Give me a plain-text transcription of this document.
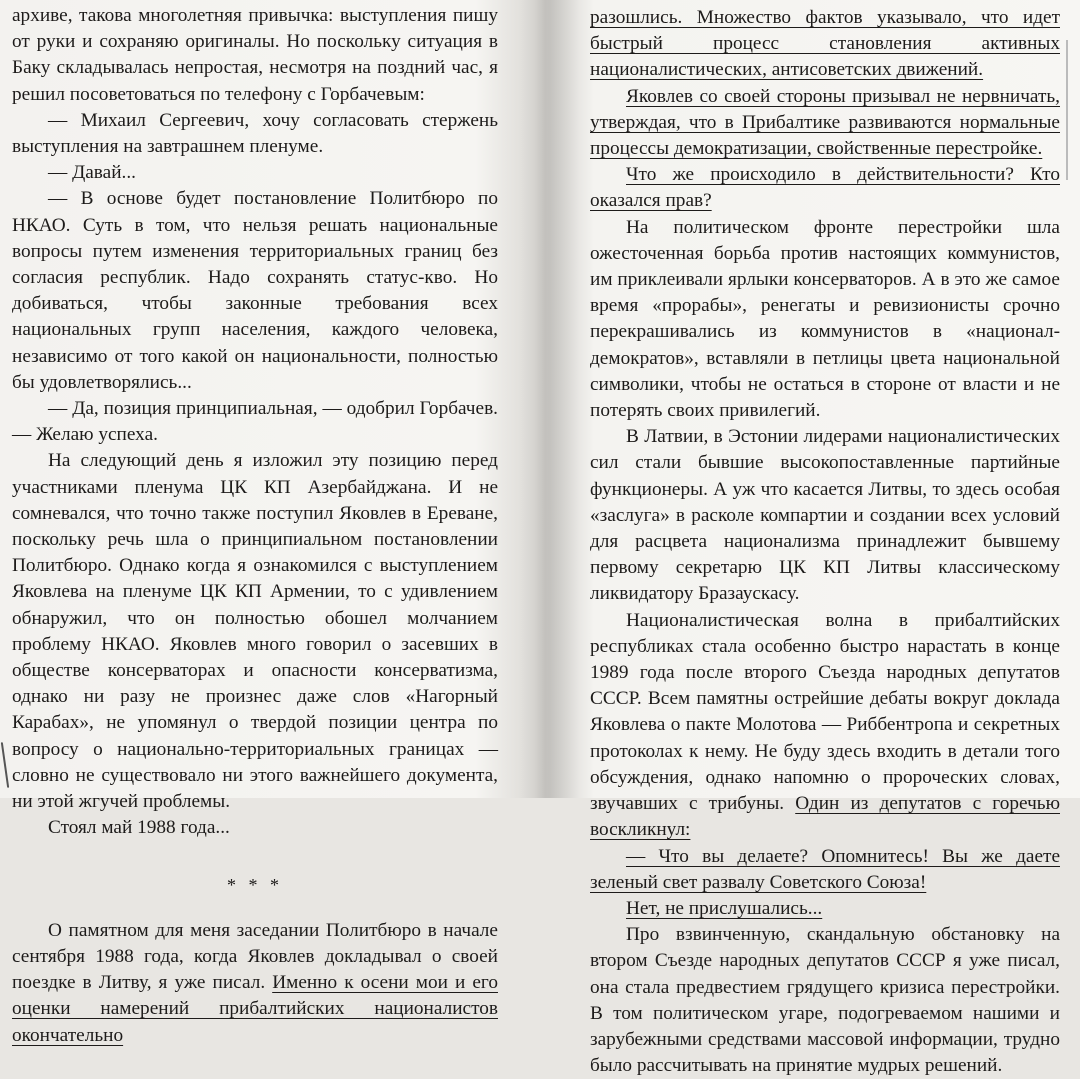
архиве, такова многолетняя привычка: выступления пишу от руки и сохраняю оригиналы. Но поскольку ситуация в Баку складывалась непростая, несмотря на поздний час, я решил посоветоваться по телефону с Горбачевым:

— Михаил Сергеевич, хочу согласовать стержень выступления на завтрашнем пленуме.

— Давай...

— В основе будет постановление Политбюро по НКАО. Суть в том, что нельзя решать национальные вопросы путем изменения территориальных границ без согласия республик. Надо сохранять статус-кво. Но добиваться, чтобы законные требования всех национальных групп населения, каждого человека, независимо от того какой он национальности, полностью бы удовлетворялись...

— Да, позиция принципиальная, — одобрил Горбачев. — Желаю успеха.

На следующий день я изложил эту позицию перед участниками пленума ЦК КП Азербайджана. И не сомневался, что точно также поступил Яковлев в Ереване, поскольку речь шла о принципиальном постановлении Политбюро. Однако когда я ознакомился с выступлением Яковлева на пленуме ЦК КП Армении, то с удивлением обнаружил, что он полностью обошел молчанием проблему НКАО. Яковлев много говорил о засевших в обществе консерваторах и опасности консерватизма, однако ни разу не произнес даже слов «Нагорный Карабах», не упомянул о твердой позиции центра по вопросу о национально-территориальных границах — словно не существовало ни этого важнейшего документа, ни этой жгучей проблемы.

Стоял май 1988 года...

* * *

О памятном для меня заседании Политбюро в начале сентября 1988 года, когда Яковлев докладывал о своей поездке в Литву, я уже писал. Именно к осени мои и его оценки намерений прибалтийских националистов окончательно

разошлись. Множество фактов указывало, что идет быстрый процесс становления активных националистических, антисоветских движений.

Яковлев со своей стороны призывал не нервничать, утверждая, что в Прибалтике развиваются нормальные процессы демократизации, свойственные перестройке.

Что же происходило в действительности? Кто оказался прав?

На политическом фронте перестройки шла ожесточенная борьба против настоящих коммунистов, им приклеивали ярлыки консерваторов. А в это же самое время «прорабы», ренегаты и ревизионисты срочно перекрашивались из коммунистов в «национал-демократов», вставляли в петлицы цвета национальной символики, чтобы не остаться в стороне от власти и не потерять своих привилегий.

В Латвии, в Эстонии лидерами националистических сил стали бывшие высокопоставленные партийные функционеры. А уж что касается Литвы, то здесь особая «заслуга» в расколе компартии и создании всех условий для расцвета национализма принадлежит бывшему первому секретарю ЦК КП Литвы классическому ликвидатору Бразаускасу.

Националистическая волна в прибалтийских республиках стала особенно быстро нарастать в конце 1989 года после второго Съезда народных депутатов СССР. Всем памятны острейшие дебаты вокруг доклада Яковлева о пакте Молотова — Риббентропа и секретных протоколах к нему. Не буду здесь входить в детали того обсуждения, однако напомню о пророческих словах, звучавших с трибуны. Один из депутатов с горечью воскликнул:

— Что вы делаете? Опомнитесь! Вы же даете зеленый свет развалу Советского Союза!

Нет, не прислушались...

Про взвинченную, скандальную обстановку на втором Съезде народных депутатов СССР я уже писал, она стала предвестием грядущего кризиса перестройки. В том политическом угаре, подогреваемом нашими и зарубежными средствами массовой информации, трудно было рассчитывать на принятие мудрых решений.
